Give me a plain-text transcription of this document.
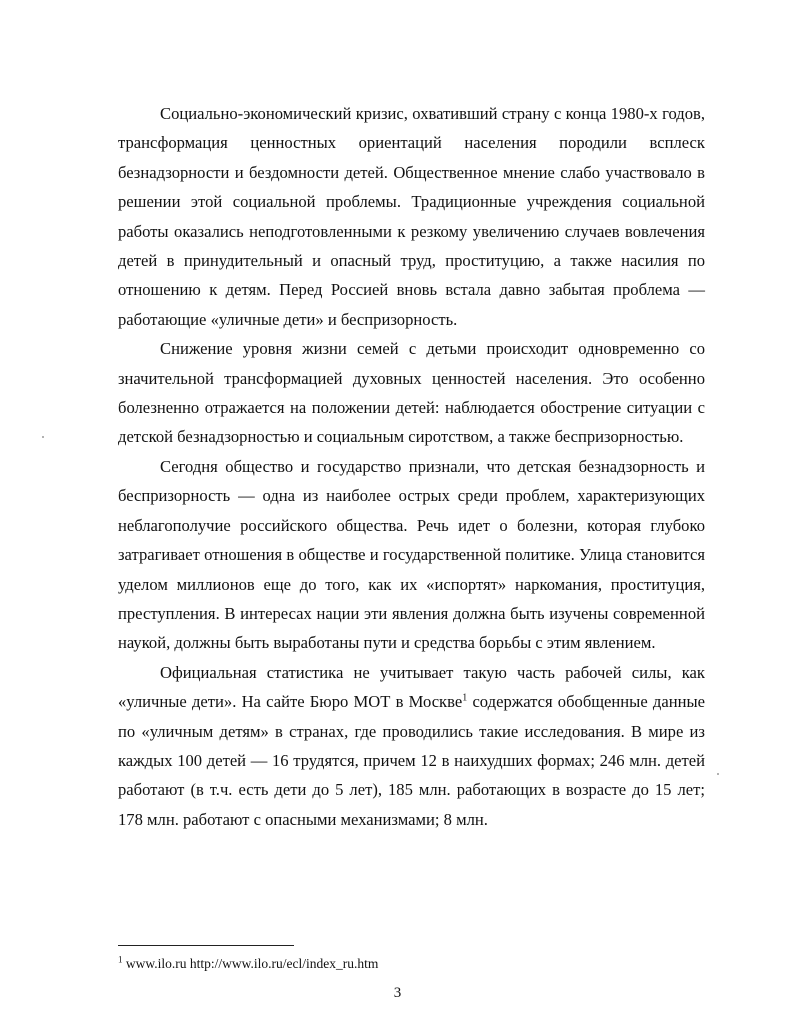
Социально-экономический кризис, охвативший страну с конца 1980-х годов, трансформация ценностных ориентаций населения породили всплеск безнадзорности и бездомности детей. Общественное мнение слабо участвовало в решении этой социальной проблемы. Традиционные учреждения социальной работы оказались неподготовленными к резкому увеличению случаев вовлечения детей в принудительный и опасный труд, проституцию, а также насилия по отношению к детям. Перед Россией вновь встала давно забытая проблема — работающие «уличные дети» и беспризорность.

Снижение уровня жизни семей с детьми происходит одновременно со значительной трансформацией духовных ценностей населения. Это особенно болезненно отражается на положении детей: наблюдается обострение ситуации с детской безнадзорностью и социальным сиротством, а также беспризорностью.

Сегодня общество и государство признали, что детская безнадзорность и беспризорность — одна из наиболее острых среди проблем, характеризующих неблагополучие российского общества. Речь идет о болезни, которая глубоко затрагивает отношения в обществе и государственной политике. Улица становится уделом миллионов еще до того, как их «испортят» наркомания, проституция, преступления. В интересах нации эти явления должна быть изучены современной наукой, должны быть выработаны пути и средства борьбы с этим явлением.

Официальная статистика не учитывает такую часть рабочей силы, как «уличные дети». На сайте Бюро МОТ в Москве$^1$ содержатся обобщенные данные по «уличным детям» в странах, где проводились такие исследования. В мире из каждых 100 детей — 16 трудятся, причем 12 в наихудших формах; 246 млн. детей работают (в т.ч. есть дети до 5 лет), 185 млн. работающих в возрасте до 15 лет; 178 млн. работают с опасными механизмами; 8 млн.

$^1$ www.ilo.ru http://www.ilo.ru/ecl/index_ru.htm
3
